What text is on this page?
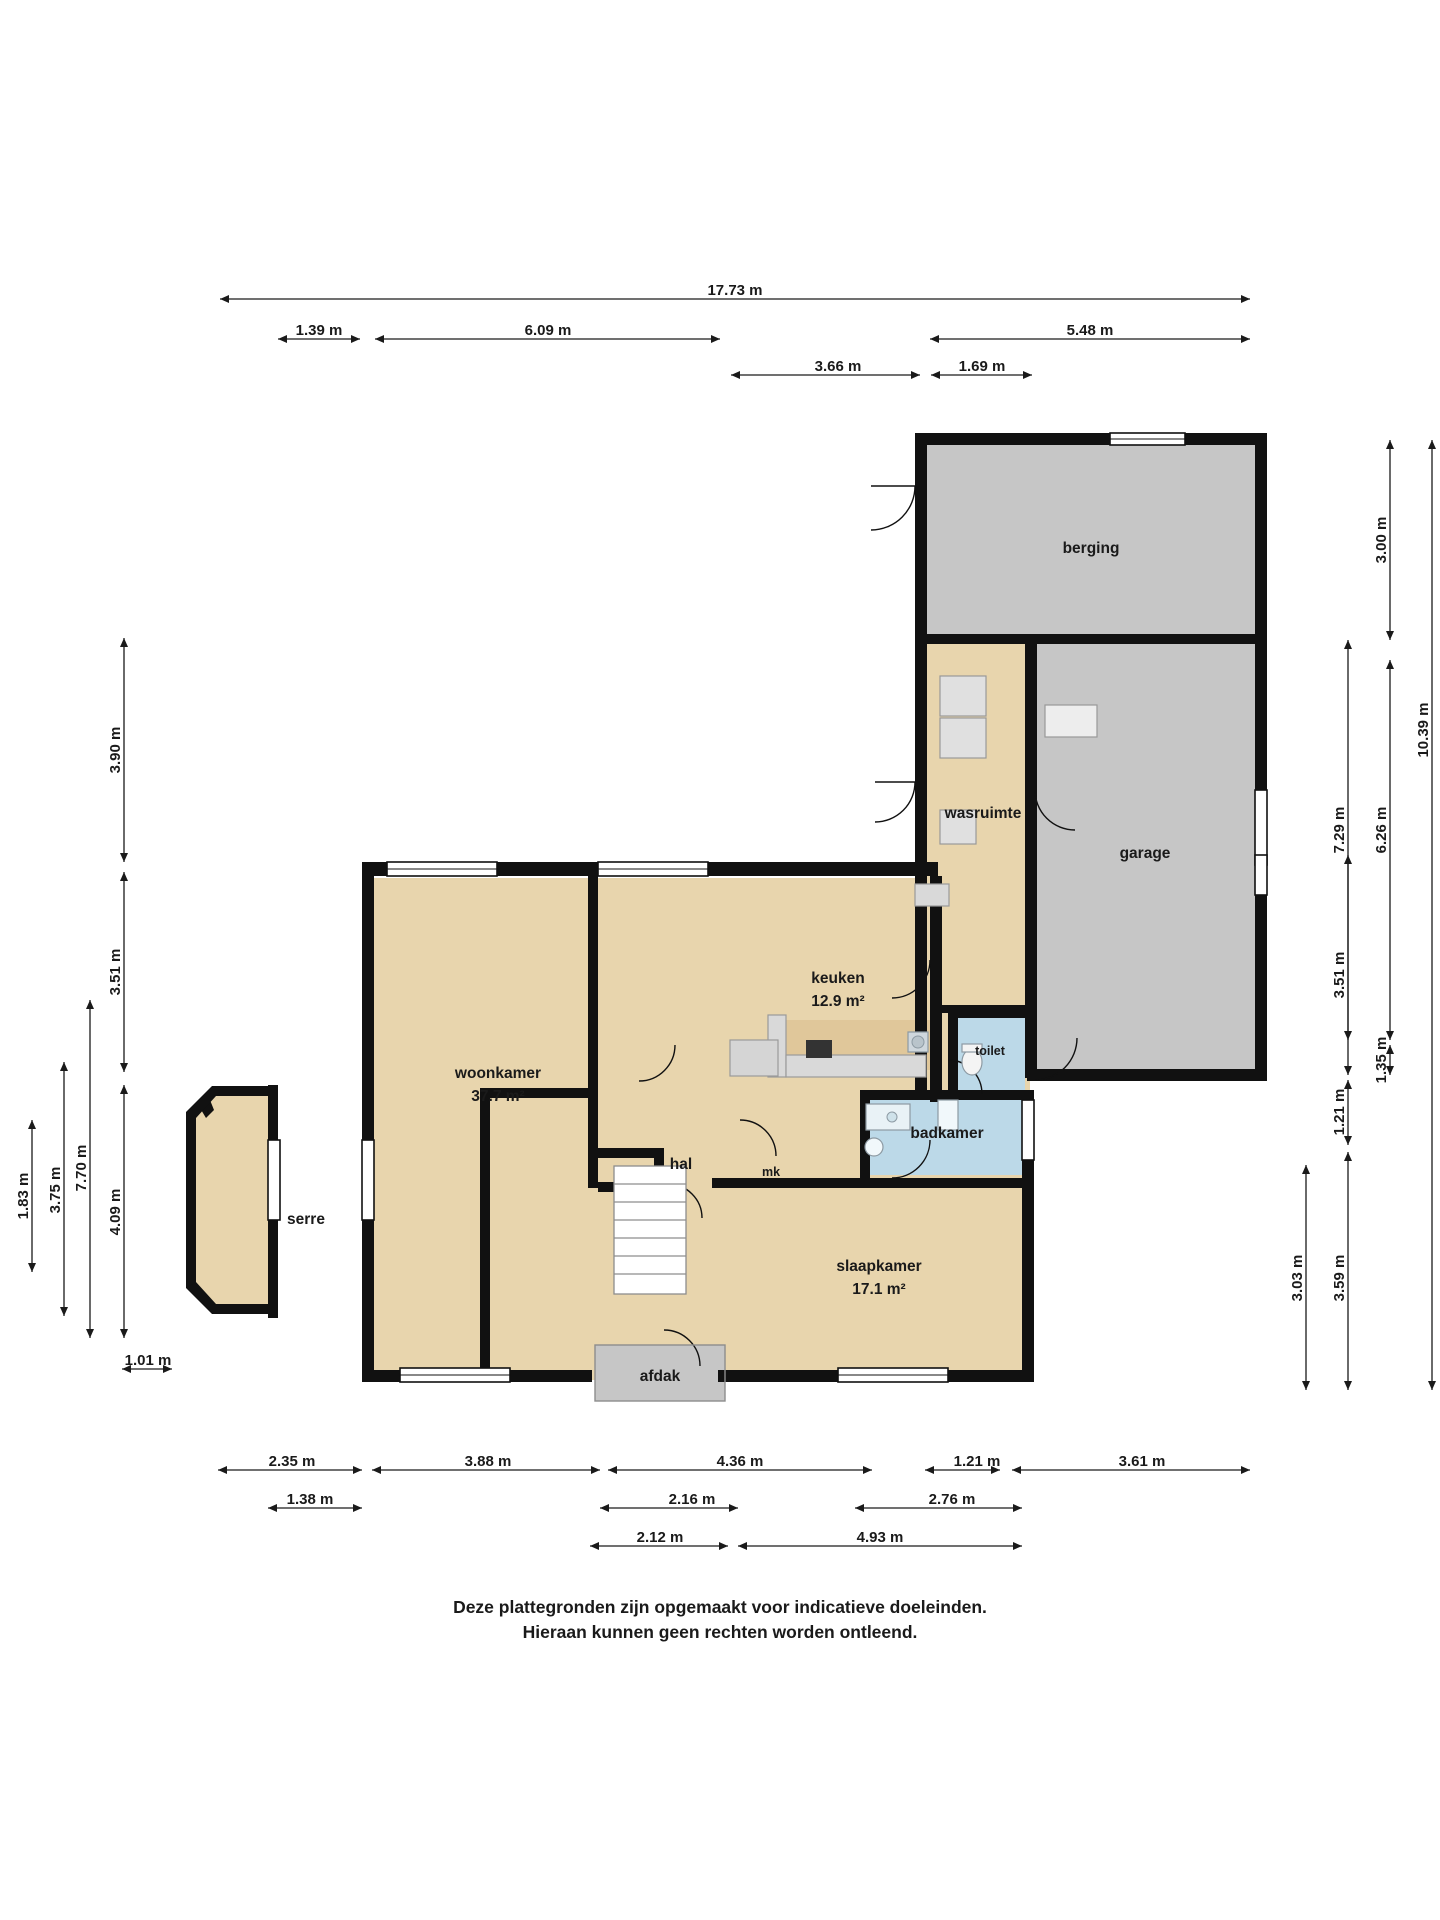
17.73 m
1.39 m	6.09 m	5.48 m
3.66 m	1.69 m
3.00 m
10.39 m
6.26 m
7.29 m
3.51 m
1.35 m
1.21 m
3.03 m 3.59 m
3.90 m
3.51 m
7.70 m
3.75 m	4.09 m
1.83 m
1.01 m
2.35 m	3.88 m	4.36 m	1.21 m	3.61 m
1.38 m	2.16 m	2.76 m
2.12 m	4.93 m
berging
garage
wasruimte
keuken
12.9 m²
toilet
badkamer
woonkamer
37.7 m²
serre
hal	mk
slaapkamer
17.1 m²
afdak
Deze plattegronden zijn opgemaakt voor indicatieve doeleinden.
Hieraan kunnen geen rechten worden ontleend.
